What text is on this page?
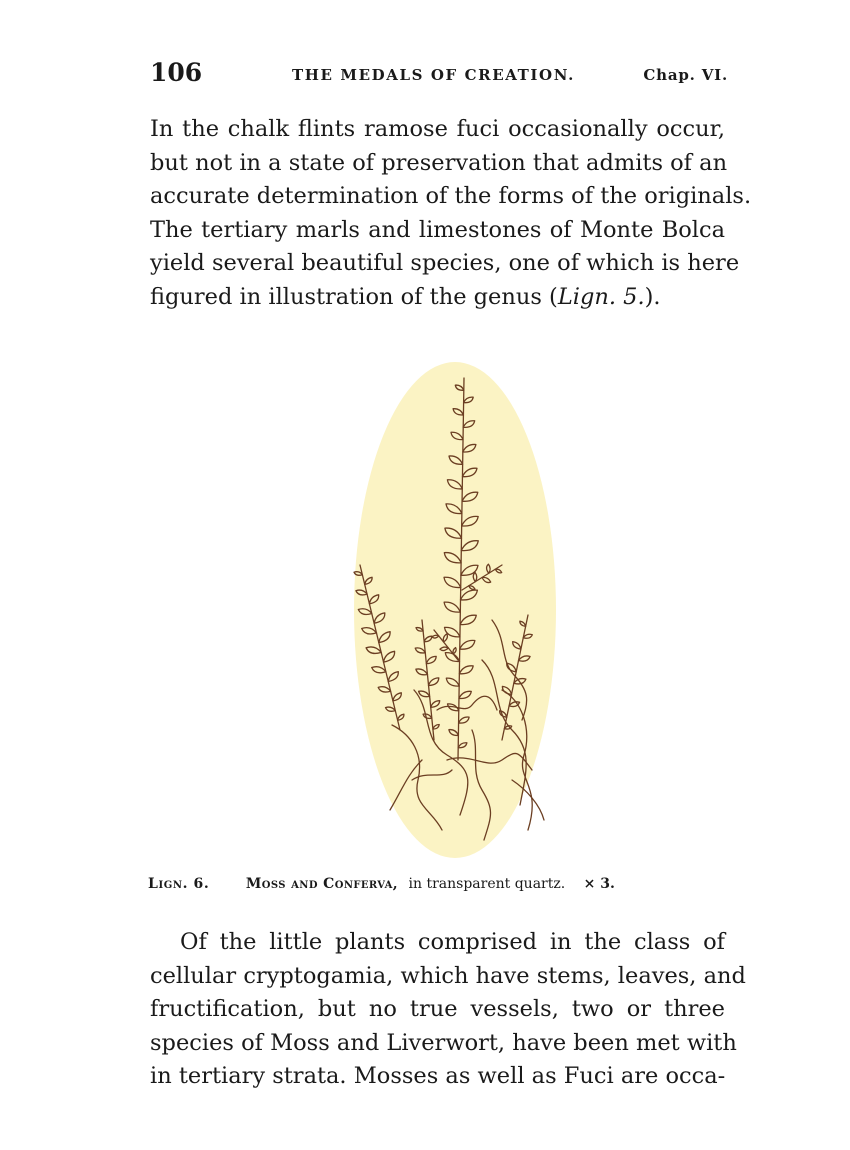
106	THE MEDALS OF CREATION.	Chap. VI.

In the chalk flints ramose fuci occasionally occur,
but not in a state of preservation that admits of an
accurate determination of the forms of the originals.
The tertiary marls and limestones of Monte Bolca
yield several beautiful species, one of which is here
figured in illustration of the genus (Lign. 5.).

Lign. 6.	Moss and Conferva, in transparent quartz. × 3.

Of the little plants comprised in the class of
cellular cryptogamia, which have stems, leaves, and
fructification, but no true vessels, two or three
species of Moss and Liverwort, have been met with
in tertiary strata. Mosses as well as Fuci are occa-
